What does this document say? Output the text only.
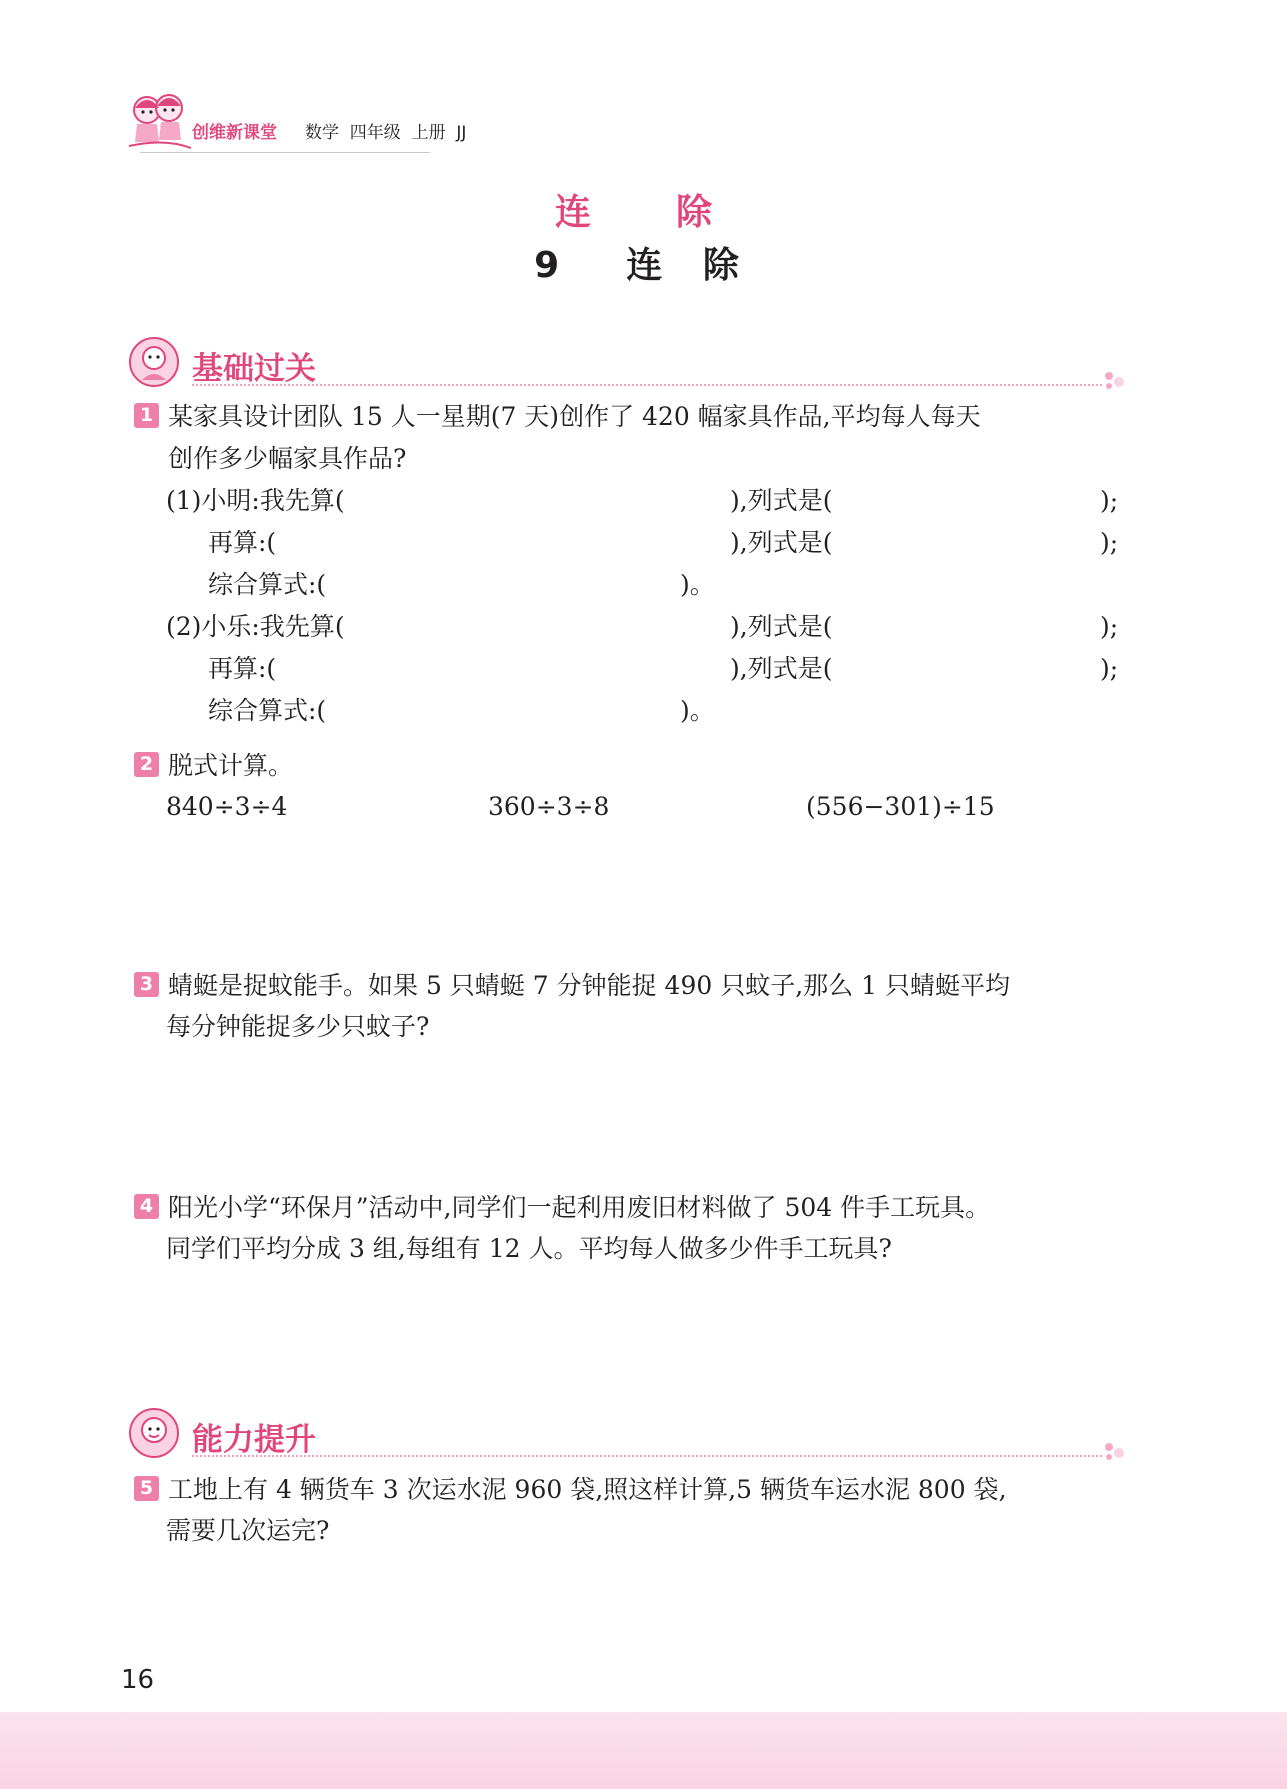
创维新课堂 数学  四年级  上册  JJ
连  除
9  连 除
基础过关
1 某家具设计团队 15 人一星期(7 天)创作了 420 幅家具作品,平均每人每天
创作多少幅家具作品?
(1)小明:我先算(	),列式是(	);
再算:(	),列式是(	);
综合算式:(	)。
(2)小乐:我先算(	),列式是(	);
再算:(	),列式是(	);
综合算式:(	)。
2 脱式计算。
840÷3÷4	360÷3÷8	(556−301)÷15
3 蜻蜓是捉蚊能手。如果 5 只蜻蜓 7 分钟能捉 490 只蚊子,那么 1 只蜻蜓平均
每分钟能捉多少只蚊子?
4 阳光小学“环保月”活动中,同学们一起利用废旧材料做了 504 件手工玩具。
同学们平均分成 3 组,每组有 12 人。平均每人做多少件手工玩具?
能力提升
5 工地上有 4 辆货车 3 次运水泥 960 袋,照这样计算,5 辆货车运水泥 800 袋,
需要几次运完?
16
